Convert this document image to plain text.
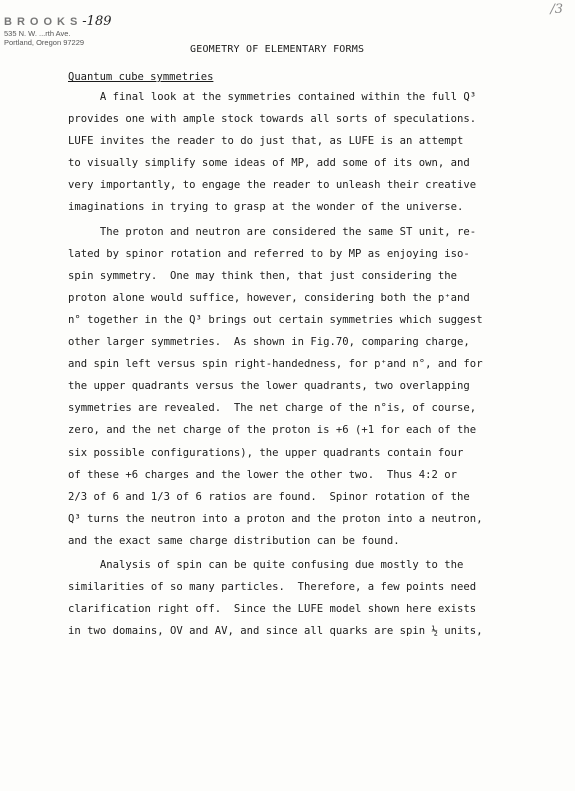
BROOKS-189
535 N. W. ...rth Ave.
Portland, Oregon 97229
/3
GEOMETRY OF ELEMENTARY FORMS
Quantum cube symmetries
A final look at the symmetries contained within the full Q³
provides one with ample stock towards all sorts of speculations.
LUFE invites the reader to do just that, as LUFE is an attempt
to visually simplify some ideas of MP, add some of its own, and
very importantly, to engage the reader to unleash their creative
imaginations in trying to grasp at the wonder of the universe.
The proton and neutron are considered the same ST unit, re-
lated by spinor rotation and referred to by MP as enjoying iso-
spin symmetry.  One may think then, that just considering the
proton alone would suffice, however, considering both the p⁺and
n° together in the Q³ brings out certain symmetries which suggest
other larger symmetries.  As shown in Fig.70, comparing charge,
and spin left versus spin right-handedness, for p⁺and n°, and for
the upper quadrants versus the lower quadrants, two overlapping
symmetries are revealed.  The net charge of the n°is, of course,
zero, and the net charge of the proton is +6 (+1 for each of the
six possible configurations), the upper quadrants contain four
of these +6 charges and the lower the other two.  Thus 4:2 or
2/3 of 6 and 1/3 of 6 ratios are found.  Spinor rotation of the
Q³ turns the neutron into a proton and the proton into a neutron,
and the exact same charge distribution can be found.
Analysis of spin can be quite confusing due mostly to the
similarities of so many particles.  Therefore, a few points need
clarification right off.  Since the LUFE model shown here exists
in two domains, OV and AV, and since all quarks are spin ½ units,
